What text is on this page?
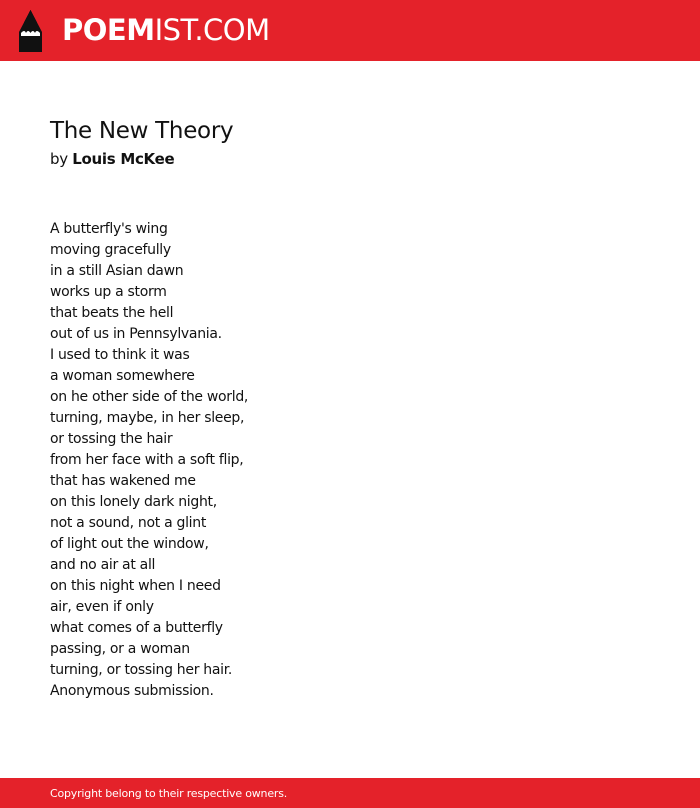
POEMIST.COM
The New Theory
by Louis McKee
A butterfly's wing
moving gracefully
in a still Asian dawn
works up a storm
that beats the hell
out of us in Pennsylvania.
I used to think it was
a woman somewhere
on he other side of the world,
turning, maybe, in her sleep,
or tossing the hair
from her face with a soft flip,
that has wakened me
on this lonely dark night,
not a sound, not a glint
of light out the window,
and no air at all
on this night when I need
air, even if only
what comes of a butterfly
passing, or a woman
turning, or tossing her hair.
Anonymous submission.
Copyright belong to their respective owners.
